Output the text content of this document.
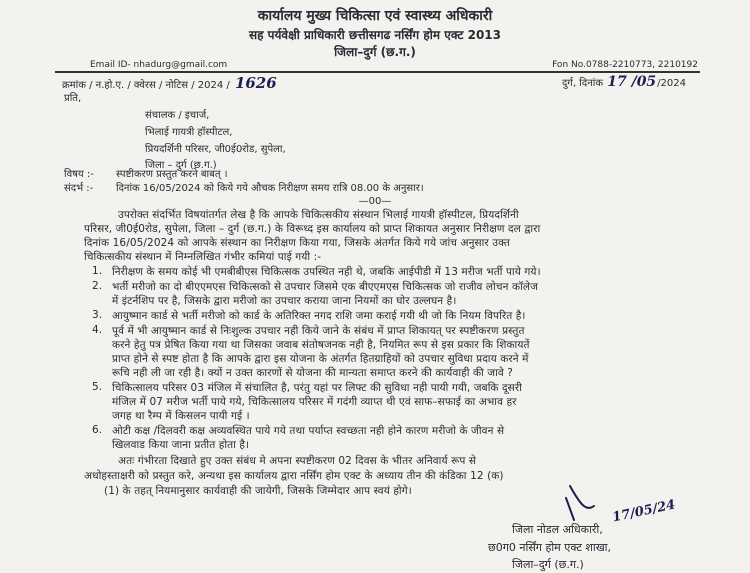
कार्यालय मुख्य चिकित्सा एवं स्वास्थ्य अधिकारी
सह पर्यवेक्षी प्राधिकारी छत्तीसगढ नर्सिंग होम एक्ट 2013
जिला–दुर्ग (छ.ग.)
Email ID- nhadurg@gmail.com	Fon No.0788-2210773, 2210192
क्रमांक / न.हो.ए. / क्वेरस / नोटिस / 2024 / 1626	दुर्ग, दिनांक 17 /05/2024
प्रति,
संचालक / इचार्ज,
भिलाई गायत्री हॉस्पीटल,
प्रियदर्शिनी परिसर, जी0ई0रोड, सुपेला,
जिला – दुर्ग (छ.ग.)
विषय :- स्पष्टीकरण प्रस्तुत करने बाबत् ।
संदर्भ :- दिनांक 16/05/2024 को किये गये औचक निरीक्षण समय रात्रि 08.00 के अनुसार।
—00—
उपरोक्त संदर्भित विषयांतर्गत लेख है कि आपके चिकित्सकीय संस्थान भिलाई गायत्री हॉस्पीटल, प्रियदर्शिनी
परिसर, जी0ई0रोड, सुपेला, जिला – दुर्ग (छ.ग.) के विरूध्द इस कार्यालय को प्राप्त शिकायत अनुसार निरीक्षण दल द्वारा
दिनांक 16/05/2024 को आपके संस्थान का निरीक्षण किया गया, जिसके अंतर्गत किये गये जांच अनुसार उक्त
चिकित्सकीय संस्थान में निम्नलिखित गंभीर कमियां पाई गयी :-
1. निरीक्षण के समय कोई भी एमबीबीएस चिकित्सक उपस्थित नही थे, जबकि आईपीडी में 13 मरीज भर्ती पाये गये।
2. भर्ती मरीजो का दो बीएएमएस चिकित्सको से उपचार जिसमे एक बीएएमएस चिकित्सक जो राजीव लोचन कॉलेज
में इंटर्नशिप पर है, जिसके द्वारा मरीजो का उपचार कराया जाना नियमों का घोर उल्लघन है।
3. आयुष्मान कार्ड से भर्ती मरीजो को कार्ड के अतिरिक्त नगद राशि जमा कराई गयी थी जो कि नियम विपरित है।
4. पूर्व में भी आयुष्मान कार्ड से निःशुल्क उपचार नही किये जाने के संबंध में प्राप्त शिकायत् पर स्पष्टीकरण प्रस्तुत
करने हेतु पत्र प्रेषित किया गया था जिसका जवाब संतोषजनक नही है, नियमित रूप से इस प्रकार कि शिकायतें
प्राप्त होने से स्पष्ट होता है कि आपके द्वारा इस योजना के अंतर्गत हितग्राहियों को उपचार सुविधा प्रदाय करने में
रूचि नही ली जा रही है। क्यों न उक्त कारणों से योजना की मान्यता समाप्त करने की कार्यवाही की जावे ?
5. चिकित्सालय परिसर 03 मंजिल में संचालित है, परंतु यहां पर लिफ्ट की सुविधा नही पायी गयी, जबकि दूसरी
मंजिल में 07 मरीज भर्ती पाये गये, चिकित्सालय परिसर में गदंगी व्याप्त थी एवं साफ–सफाई का अभाव हर
जगह था रैम्प में किसलन पायी गई ।
6. ओटी कक्ष /दिलवरी कक्ष अव्यवस्थित पाये गये तथा पर्याप्त स्वच्छता नही होने कारण मरीजो के जीवन से
खिलवाड किया जाना प्रतीत होता है।
अतः गंभीरता दिखाते हुए उक्त संबंध मे अपना स्पष्टीकरण 02 दिवस के भीतर अनिवार्य रूप से
अधोहस्ताक्षरी को प्रस्तुत करे, अन्यथा इस कार्यालय द्वारा नर्सिंग होम एक्ट के अध्याय तीन की कंडिका 12 (क)
(1) के तहत् नियमानुसार कार्यवाही की जायेगी, जिसके जिम्मेदार आप स्वयं होगे।
17/05/24
जिला नोडल अधिकारी,
छ0ग0 नर्सिंग होम एक्ट शाखा,
जिला–दुर्ग (छ.ग.)
